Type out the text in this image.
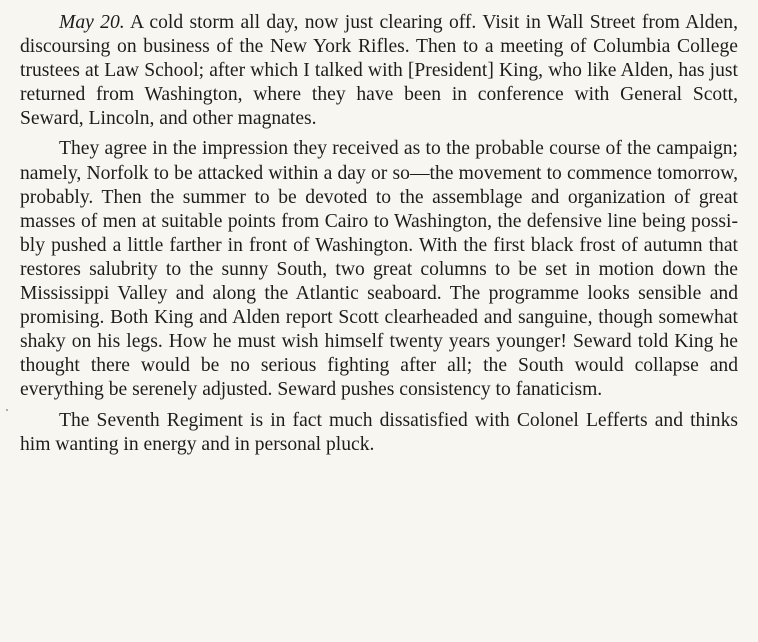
May 20. A cold storm all day, now just clearing off. Visit in Wall Street from Alden, discoursing on business of the New York Rifles. Then to a meeting of Columbia College trustees at Law School; after which I talked with [President] King, who like Alden, has just returned from Washington, where they have been in conference with General Scott, Seward, Lincoln, and other magnates.

They agree in the impression they received as to the probable course of the campaign; namely, Norfolk to be attacked within a day or so—the movement to commence tomorrow, probably. Then the summer to be devoted to the assemblage and organization of great masses of men at suitable points from Cairo to Washington, the defensive line being possibly pushed a little farther in front of Washington. With the first black frost of autumn that restores salubrity to the sunny South, two great columns to be set in motion down the Mississippi Valley and along the Atlantic seaboard. The programme looks sensible and promising. Both King and Alden report Scott clearheaded and sanguine, though somewhat shaky on his legs. How he must wish himself twenty years younger! Seward told King he thought there would be no serious fighting after all; the South would collapse and everything be serenely adjusted. Seward pushes consistency to fanaticism.

The Seventh Regiment is in fact much dissatisfied with Colonel Lefferts and thinks him wanting in energy and in personal pluck.
